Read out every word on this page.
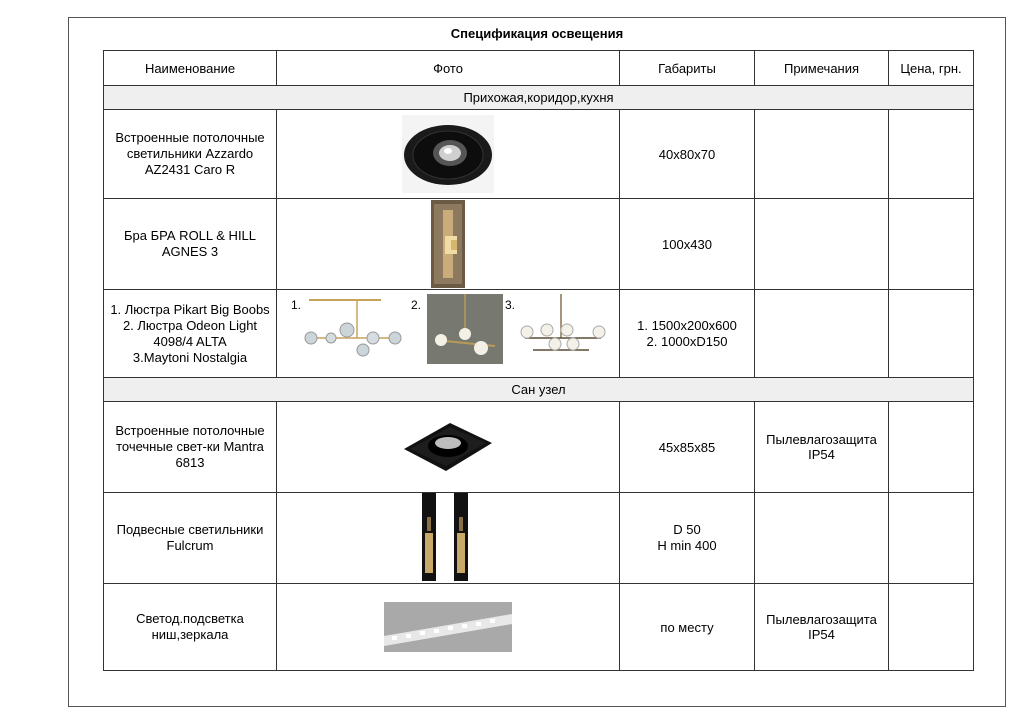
Спецификация освещения
Наименование	Фото	Габариты	Примечания	Цена, грн.
Прихожая,коридор,кухня				
Встроенные потолочные светильники Azzardo AZ2431 Caro R		40x80x70		
Бра БРА ROLL & HILL AGNES 3		100x430		
1. Люстра Pikart Big Boobs
2. Люстра Odeon Light 4098/4 ALTA
3.Maytoni Nostalgia	1. 2. 3.	1. 1500x200x600
2. 1000xD150		
Сан узел				
Встроенные потолочные точечные свет-ки Mantra 6813		45x85x85	Пылевлагозащита
IP54	
Подвесные светильники Fulcrum		D 50
H min 400		
Светод.подсветка ниш,зеркала		по месту	Пылевлагозащита
IP54	
